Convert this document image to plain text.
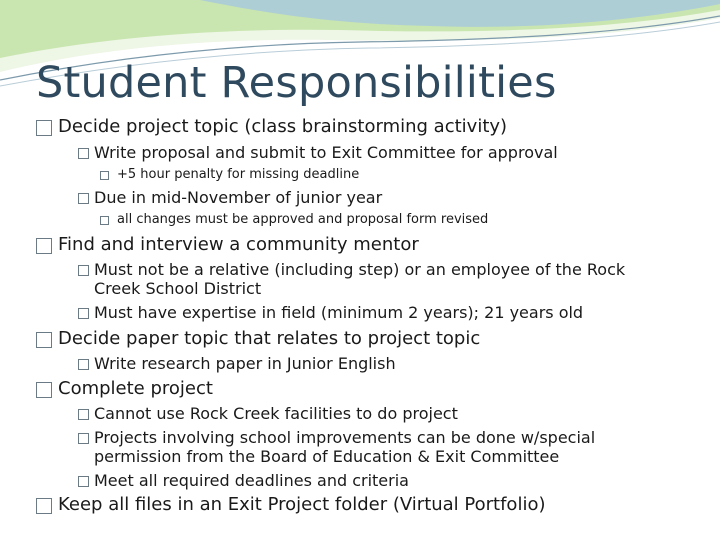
Student Responsibilities
Decide project topic (class brainstorming activity)
Write proposal and submit to Exit Committee for approval
+5 hour penalty for missing deadline
Due in mid-November of junior year
all changes must be approved and proposal form revised
Find and interview a community mentor
Must not be a relative (including step) or an employee of the Rock
Creek School District
Must have expertise in field (minimum 2 years); 21 years old
Decide paper topic that relates to project topic
Write research paper in Junior English
Complete project
Cannot use Rock Creek facilities to do project
Projects involving school improvements can be done w/special
permission from the Board of Education & Exit Committee
Meet all required deadlines and criteria
Keep all files in an Exit Project folder (Virtual Portfolio)
